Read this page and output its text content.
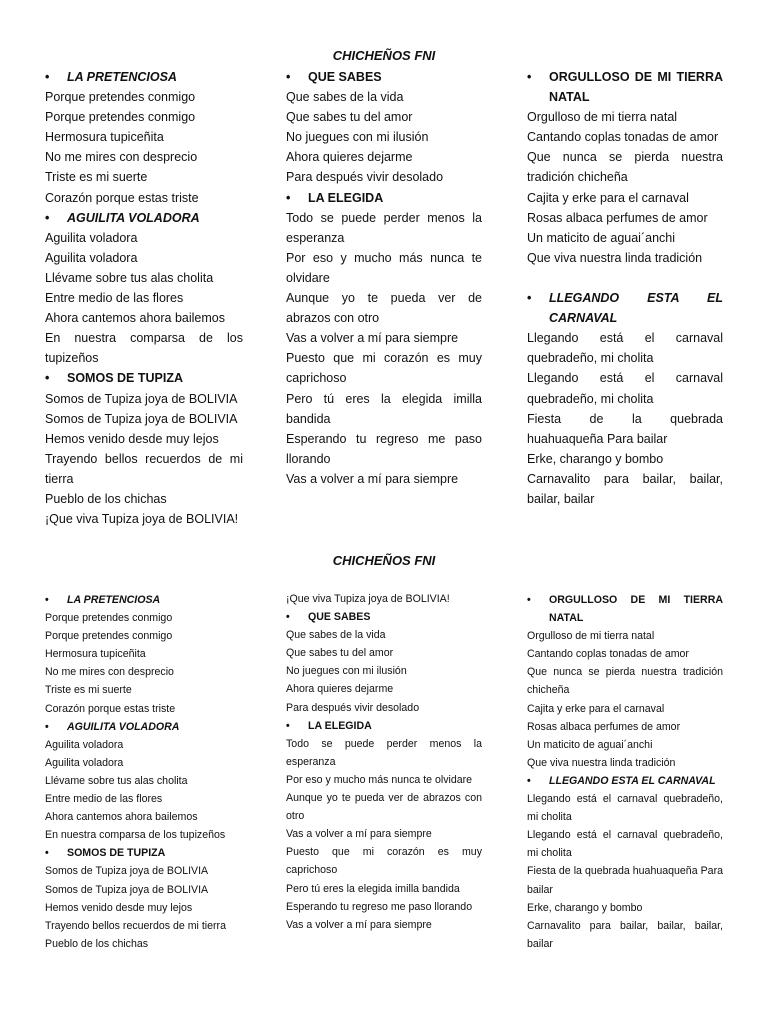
CHICHEÑOS FNI
• LA PRETENCIOSA
Porque pretendes conmigo
Porque pretendes conmigo
Hermosura tupiceñita
No me mires con desprecio
Triste es mi suerte
Corazón porque estas triste
• AGUILITA VOLADORA
Aguilita voladora
Aguilita voladora
Llévame sobre tus alas cholita
Entre medio de las flores
Ahora cantemos ahora bailemos
En nuestra comparsa de los tupizeños
• SOMOS DE TUPIZA
Somos de Tupiza joya de BOLIVIA
Somos de Tupiza joya de BOLIVIA
Hemos venido desde muy lejos
Trayendo bellos recuerdos de mi tierra
Pueblo de los chichas
¡Que viva Tupiza joya de BOLIVIA!
• QUE SABES
Que sabes de la vida
Que sabes tu del amor
No juegues con mi ilusión
Ahora quieres dejarme
Para después vivir desolado
• LA ELEGIDA
Todo se puede perder menos la esperanza
Por eso y mucho más nunca te olvidare
Aunque yo te pueda ver de abrazos con otro
Vas a volver a mí para siempre
Puesto que mi corazón es muy caprichoso
Pero tú eres la elegida imilla bandida
Esperando tu regreso me paso llorando
Vas a volver a mí para siempre
• ORGULLOSO DE MI TIERRA NATAL
Orgulloso de mi tierra natal
Cantando coplas tonadas de amor
Que nunca se pierda nuestra tradición chicheña
Cajita y erke para el carnaval
Rosas albaca perfumes de amor
Un maticito de aguai´anchi
Que viva nuestra linda tradición
• LLEGANDO ESTA EL CARNAVAL
Llegando está el carnaval quebradeño, mi cholita
Llegando está el carnaval quebradeño, mi cholita
Fiesta de la quebrada huahuaqueña Para bailar
Erke, charango y bombo
Carnavalito para bailar, bailar, bailar, bailar
CHICHEÑOS FNI
• LA PRETENCIOSA
Porque pretendes conmigo
Porque pretendes conmigo
Hermosura tupiceñita
No me mires con desprecio
Triste es mi suerte
Corazón porque estas triste
• AGUILITA VOLADORA
Aguilita voladora
Aguilita voladora
Llévame sobre tus alas cholita
Entre medio de las flores
Ahora cantemos ahora bailemos
En nuestra comparsa de los tupizeños
• SOMOS DE TUPIZA
Somos de Tupiza joya de BOLIVIA
Somos de Tupiza joya de BOLIVIA
Hemos venido desde muy lejos
Trayendo bellos recuerdos de mi tierra
Pueblo de los chichas
¡Que viva Tupiza joya de BOLIVIA!
• QUE SABES
Que sabes de la vida
Que sabes tu del amor
No juegues con mi ilusión
Ahora quieres dejarme
Para después vivir desolado
• LA ELEGIDA
Todo se puede perder menos la esperanza
Por eso y mucho más nunca te olvidare
Aunque yo te pueda ver de abrazos con otro
Vas a volver a mí para siempre
Puesto que mi corazón es muy caprichoso
Pero tú eres la elegida imilla bandida
Esperando tu regreso me paso llorando
Vas a volver a mí para siempre
• ORGULLOSO DE MI TIERRA NATAL
Orgulloso de mi tierra natal
Cantando coplas tonadas de amor
Que nunca se pierda nuestra tradición chicheña
Cajita y erke para el carnaval
Rosas albaca perfumes de amor
Un maticito de aguai´anchi
Que viva nuestra linda tradición
• LLEGANDO ESTA EL CARNAVAL
Llegando está el carnaval quebradeño, mi cholita
Llegando está el carnaval quebradeño, mi cholita
Fiesta de la quebrada huahuaqueña Para bailar
Erke, charango y bombo
Carnavalito para bailar, bailar, bailar, bailar
